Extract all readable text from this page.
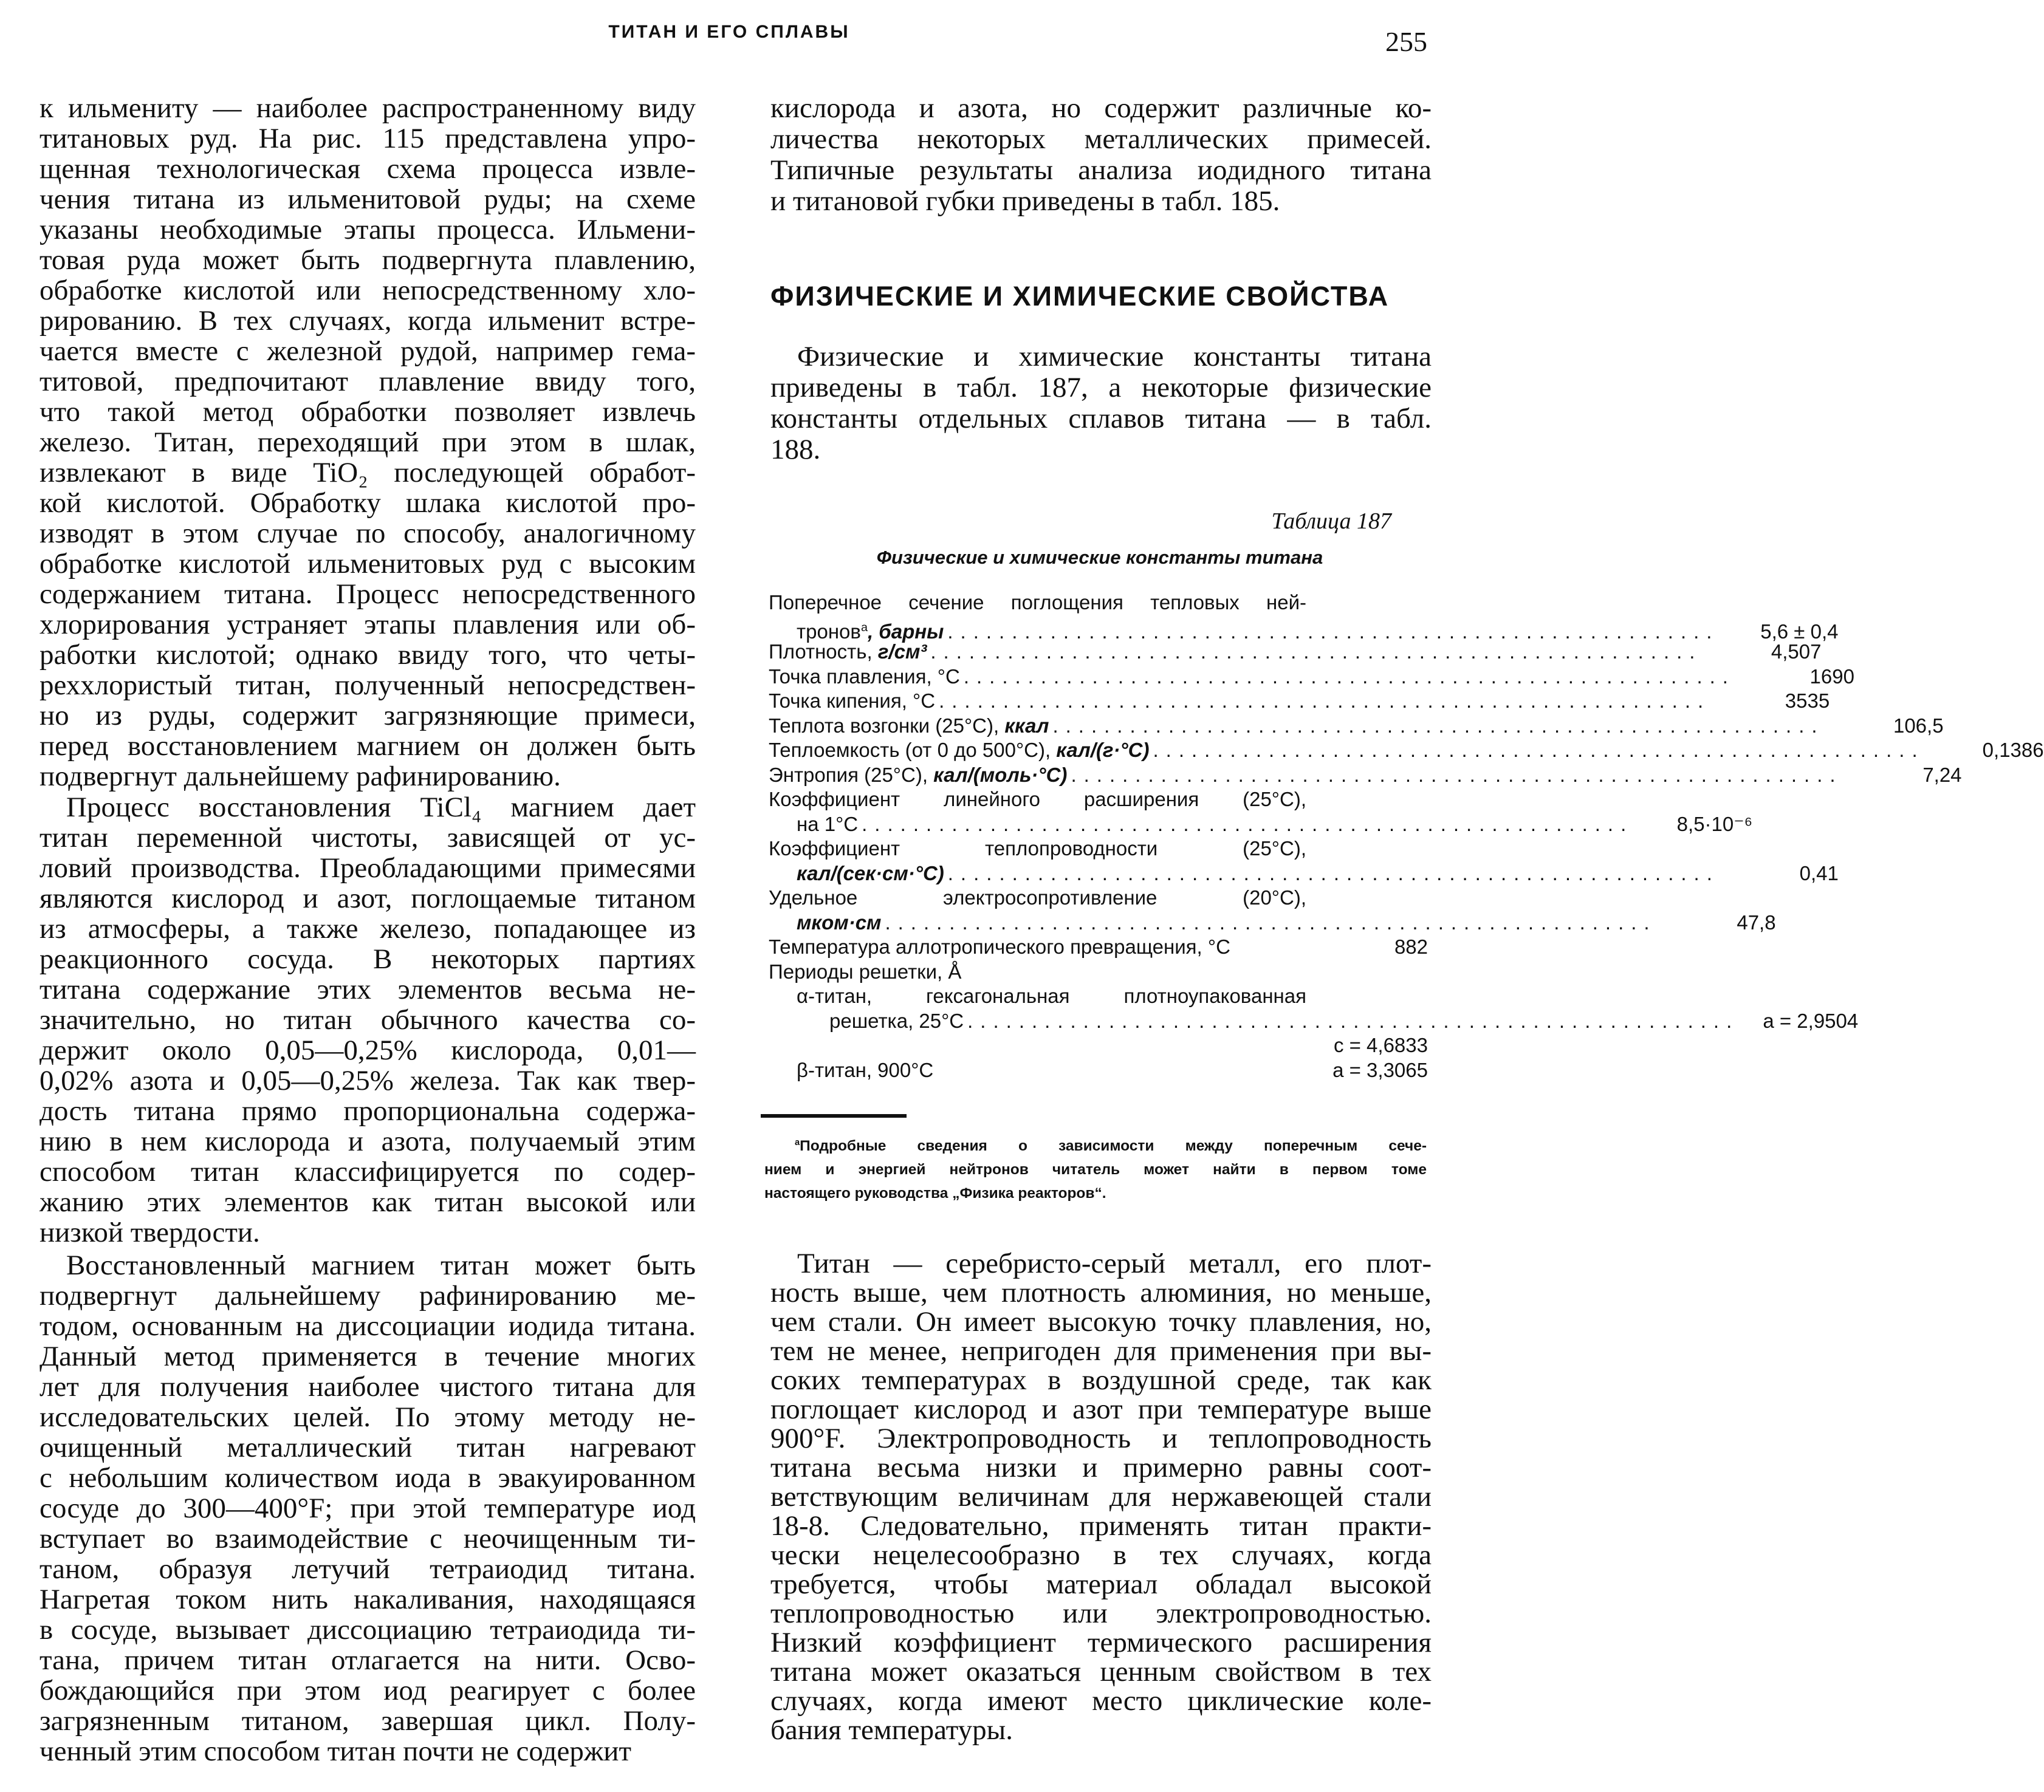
ТИТАН И ЕГО СПЛАВЫ	255
к ильмениту — наиболее распространенному виду
титановых руд. На рис. 115 представлена упро-
щенная технологическая схема процесса извле-
чения титана из ильменитовой руды; на схеме
указаны необходимые этапы процесса. Ильмени-
товая руда может быть подвергнута плавлению,
обработке кислотой или непосредственному хло-
рированию. В тех случаях, когда ильменит встре-
чается вместе с железной рудой, например гема-
титовой, предпочитают плавление ввиду того,
что такой метод обработки позволяет извлечь
железо. Титан, переходящий при этом в шлак,
извлекают в виде TiO₂ последующей обработ-
кой кислотой. Обработку шлака кислотой про-
изводят в этом случае по способу, аналогичному
обработке кислотой ильменитовых руд с высоким
содержанием титана. Процесс непосредственного
хлорирования устраняет этапы плавления или об-
работки кислотой; однако ввиду того, что четы-
реххлористый титан, полученный непосредствен-
но из руды, содержит загрязняющие примеси,
перед восстановлением магнием он должен быть
подвергнут дальнейшему рафинированию.
Процесс восстановления TiCl₄ магнием дает
титан переменной чистоты, зависящей от ус-
ловий производства. Преобладающими примесями
являются кислород и азот, поглощаемые титаном
из атмосферы, а также железо, попадающее из
реакционного сосуда. В некоторых партиях
титана содержание этих элементов весьма не-
значительно, но титан обычного качества со-
держит около 0,05—0,25% кислорода, 0,01—
0,02% азота и 0,05—0,25% железа. Так как твер-
дость титана прямо пропорциональна содержа-
нию в нем кислорода и азота, получаемый этим
способом титан классифицируется по содер-
жанию этих элементов как титан высокой или
низкой твердости.
Восстановленный магнием титан может быть
подвергнут дальнейшему рафинированию ме-
тодом, основанным на диссоциации иодида титана.
Данный метод применяется в течение многих
лет для получения наиболее чистого титана для
исследовательских целей. По этому методу не-
очищенный металлический титан нагревают
с небольшим количеством иода в эвакуированном
сосуде до 300—400°F; при этой температуре иод
вступает во взаимодействие с неочищенным ти-
таном, образуя летучий тетраиодид титана.
Нагретая током нить накаливания, находящаяся
в сосуде, вызывает диссоциацию тетраиодида ти-
тана, причем титан отлагается на нити. Осво-
бождающийся при этом иод реагирует с более
загрязненным титаном, завершая цикл. Полу-
ченный этим способом титан почти не содержит
кислорода и азота, но содержит различные ко-
личества некоторых металлических примесей.
Типичные результаты анализа иодидного титана
и титановой губки приведены в табл. 185.
ФИЗИЧЕСКИЕ И ХИМИЧЕСКИЕ СВОЙСТВА
Физические и химические константы титана
приведены в табл. 187, а некоторые физические
константы отдельных сплавов титана — в табл.
188.
Таблица 187
Физические и химические константы титана
Поперечное сечение поглощения тепловых ней-
тронов$^a$, барны ............................................................	5,6 ± 0,4
Плотность, г/см³ ............................................................	4,507
Точка плавления, °С ............................................................	1690
Точка кипения, °С ............................................................	3535
Теплота возгонки (25°С), ккал ............................................................	106,5
Теплоемкость (от 0 до 500°С), кал/(г·°С) ............................................................	0,1386
Энтропия (25°С), кал/(моль·°С) ............................................................	7,24
Коэффициент линейного расширения (25°С),
на 1°С ............................................................	8,5·10⁻⁶
Коэффициент теплопроводности (25°С),
кал/(сек·см·°С) ............................................................	0,41
Удельное электросопротивление (20°С),
мком·см ............................................................	47,8
Температура аллотропического превращения, °С	882
Периоды решетки, Å
α-титан, гексагональная плотноупакованная
решетка, 25°С ............................................................	a = 2,9504
c = 4,6833
β-титан, 900°С	a = 3,3065
$^a$Подробные сведения о зависимости между поперечным сече-
нием и энергией нейтронов читатель может найти в первом томе
настоящего руководства „Физика реакторов“.
Титан — серебристо-серый металл, его плот-
ность выше, чем плотность алюминия, но меньше,
чем стали. Он имеет высокую точку плавления, но,
тем не менее, непригоден для применения при вы-
соких температурах в воздушной среде, так как
поглощает кислород и азот при температуре выше
900°F. Электропроводность и теплопроводность
титана весьма низки и примерно равны соот-
ветствующим величинам для нержавеющей стали
18-8. Следовательно, применять титан практи-
чески нецелесообразно в тех случаях, когда
требуется, чтобы материал обладал высокой
теплопроводностью или электропроводностью.
Низкий коэффициент термического расширения
титана может оказаться ценным свойством в тех
случаях, когда имеют место циклические коле-
бания температуры.
